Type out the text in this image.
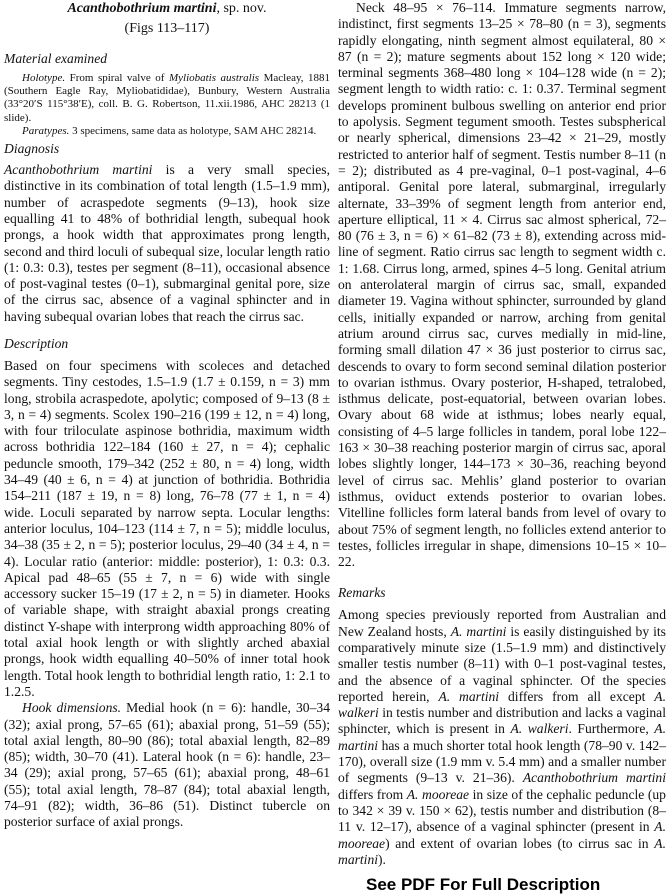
Acanthobothrium martini, sp. nov.
(Figs 113–117)
Material examined

Holotype. From spiral valve of Myliobatis australis Macleay, 1881 (Southern Eagle Ray, Myliobatididae), Bunbury, Western Australia (33°20′S 115°38′E), coll. B. G. Robertson, 11.xii.1986, AHC 28213 (1 slide).

Paratypes. 3 specimens, same data as holotype, SAM AHC 28214.

Diagnosis

Acanthobothrium martini is a very small species, distinctive in its combination of total length (1.5–1.9 mm), number of acraspedote segments (9–13), hook size equalling 41 to 48% of bothridial length, subequal hook prongs, a hook width that approximates prong length, second and third loculi of subequal size, locular length ratio (1: 0.3: 0.3), testes per segment (8–11), occasional absence of post-vaginal testes (0–1), submarginal genital pore, size of the cirrus sac, absence of a vaginal sphincter and in having subequal ovarian lobes that reach the cirrus sac.

Description

Based on four specimens with scoleces and detached segments. Tiny cestodes, 1.5–1.9 (1.7 ± 0.159, n = 3) mm long, strobila acraspedote, apolytic; composed of 9–13 (8 ± 3, n = 4) segments. Scolex 190–216 (199 ± 12, n = 4) long, with four triloculate aspinose bothridia, maximum width across bothridia 122–184 (160 ± 27, n = 4); cephalic peduncle smooth, 179–342 (252 ± 80, n = 4) long, width 34–49 (40 ± 6, n = 4) at junction of bothridia. Bothridia 154–211 (187 ± 19, n = 8) long, 76–78 (77 ± 1, n = 4) wide. Loculi separated by narrow septa. Locular lengths: anterior loculus, 104–123 (114 ± 7, n = 5); middle loculus, 34–38 (35 ± 2, n = 5); posterior loculus, 29–40 (34 ± 4, n = 4). Locular ratio (anterior: middle: posterior), 1: 0.3: 0.3. Apical pad 48–65 (55 ± 7, n = 6) wide with single accessory sucker 15–19 (17 ± 2, n = 5) in diameter. Hooks of variable shape, with straight abaxial prongs creating distinct Y-shape with interprong width approaching 80% of total axial hook length or with slightly arched abaxial prongs, hook width equalling 40–50% of inner total hook length. Total hook length to bothridial length ratio, 1: 2.1 to 1.2.5.

Hook dimensions. Medial hook (n = 6): handle, 30–34 (32); axial prong, 57–65 (61); abaxial prong, 51–59 (55); total axial length, 80–90 (86); total abaxial length, 82–89 (85); width, 30–70 (41). Lateral hook (n = 6): handle, 23–34 (29); axial prong, 57–65 (61); abaxial prong, 48–61 (55); total axial length, 78–87 (84); total abaxial length, 74–91 (82); width, 36–86 (51). Distinct tubercle on posterior surface of axial prongs.

Neck 48–95 × 76–114. Immature segments narrow, indistinct, first segments 13–25 × 78–80 (n = 3), segments rapidly elongating, ninth segment almost equilateral, 80 × 87 (n = 2); mature segments about 152 long × 120 wide; terminal segments 368–480 long × 104–128 wide (n = 2); segment length to width ratio: c. 1: 0.37. Terminal segment develops prominent bulbous swelling on anterior end prior to apolysis. Segment tegument smooth. Testes subspherical or nearly spherical, dimensions 23–42 × 21–29, mostly restricted to anterior half of segment. Testis number 8–11 (n = 2); distributed as 4 pre-vaginal, 0–1 post-vaginal, 4–6 antiporal. Genital pore lateral, submarginal, irregularly alternate, 33–39% of segment length from anterior end, aperture elliptical, 11 × 4. Cirrus sac almost spherical, 72–80 (76 ± 3, n = 6) × 61–82 (73 ± 8), extending across mid-line of segment. Ratio cirrus sac length to segment width c. 1: 1.68. Cirrus long, armed, spines 4–5 long. Genital atrium on anterolateral margin of cirrus sac, small, expanded diameter 19. Vagina without sphincter, surrounded by gland cells, initially expanded or narrow, arching from genital atrium around cirrus sac, curves medially in mid-line, forming small dilation 47 × 36 just posterior to cirrus sac, descends to ovary to form second seminal dilation posterior to ovarian isthmus. Ovary posterior, H-shaped, tetralobed, isthmus delicate, post-equatorial, between ovarian lobes. Ovary about 68 wide at isthmus; lobes nearly equal, consisting of 4–5 large follicles in tandem, poral lobe 122–163 × 30–38 reaching posterior margin of cirrus sac, aporal lobes slightly longer, 144–173 × 30–36, reaching beyond level of cirrus sac. Mehlis’ gland posterior to ovarian isthmus, oviduct extends posterior to ovarian lobes. Vitelline follicles form lateral bands from level of ovary to about 75% of segment length, no follicles extend anterior to testes, follicles irregular in shape, dimensions 10–15 × 10–22.

Remarks

Among species previously reported from Australian and New Zealand hosts, A. martini is easily distinguished by its comparatively minute size (1.5–1.9 mm) and distinctively smaller testis number (8–11) with 0–1 post-vaginal testes, and the absence of a vaginal sphincter. Of the species reported herein, A. martini differs from all except A. walkeri in testis number and distribution and lacks a vaginal sphincter, which is present in A. walkeri. Furthermore, A. martini has a much shorter total hook length (78–90 v. 142–170), overall size (1.9 mm v. 5.4 mm) and a smaller number of segments (9–13 v. 21–36). Acanthobothrium martini differs from A. mooreae in size of the cephalic peduncle (up to 342 × 39 v. 150 × 62), testis number and distribution (8–11 v. 12–17), absence of a vaginal sphincter (present in A. mooreae) and extent of ovarian lobes (to cirrus sac in A. martini).

See PDF For Full Description
